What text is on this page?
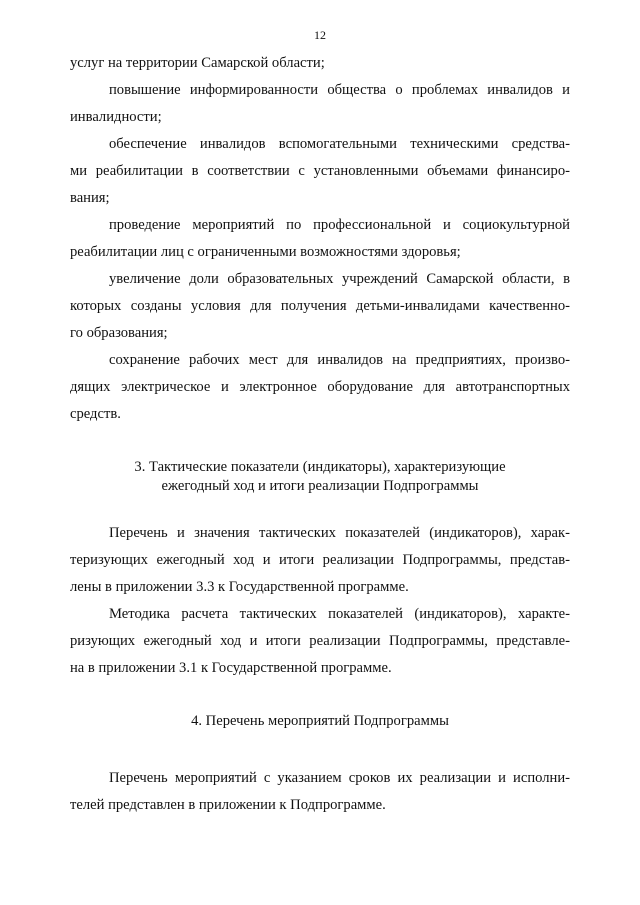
12
услуг на территории Самарской области;
повышение информированности общества о проблемах инвалидов и
инвалидности;
обеспечение инвалидов вспомогательными техническими средства-
ми реабилитации в соответствии с установленными объемами финансиро-
вания;
проведение мероприятий по профессиональной и социокультурной
реабилитации лиц с ограниченными возможностями здоровья;
увеличение доли образовательных учреждений Самарской области, в
которых созданы условия для получения детьми-инвалидами качественно-
го образования;
сохранение рабочих мест для инвалидов на предприятиях, произво-
дящих электрическое и электронное оборудование для автотранспортных
средств.
3. Тактические показатели (индикаторы), характеризующие
ежегодный ход и итоги реализации Подпрограммы
Перечень и значения тактических показателей (индикаторов), харак-
теризующих ежегодный ход и итоги реализации Подпрограммы, представ-
лены в приложении 3.3 к Государственной программе.
Методика расчета тактических показателей (индикаторов), характе-
ризующих ежегодный ход и итоги реализации Подпрограммы, представле-
на в приложении 3.1 к Государственной программе.
4. Перечень мероприятий Подпрограммы
Перечень мероприятий с указанием сроков их реализации и исполни-
телей представлен в приложении к Подпрограмме.
